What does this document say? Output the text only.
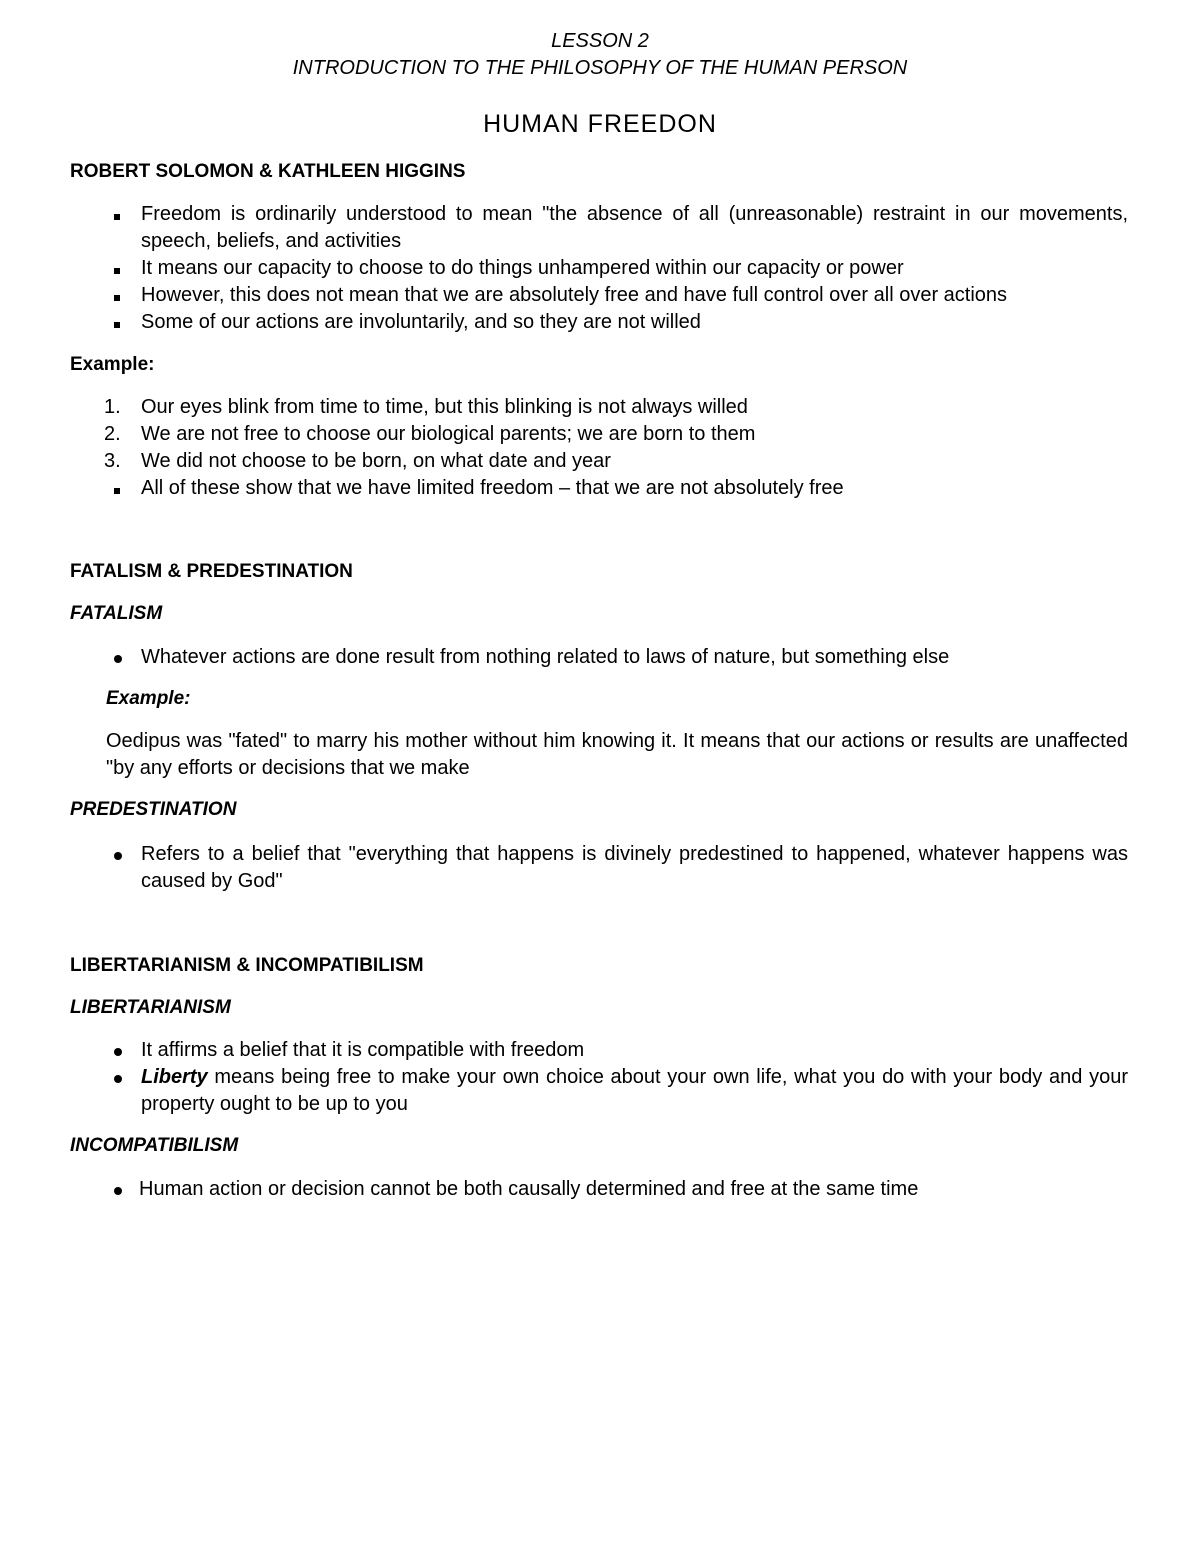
LESSON 2
INTRODUCTION TO THE PHILOSOPHY OF THE HUMAN PERSON
HUMAN FREEDON
ROBERT SOLOMON & KATHLEEN HIGGINS
Freedom is ordinarily understood to mean "the absence of all (unreasonable) restraint in our movements, speech, beliefs, and activities
It means our capacity to choose to do things unhampered within our capacity or power
However, this does not mean that we are absolutely free and have full control over all over actions
Some of our actions are involuntarily, and so they are not willed
Example:
1.	Our eyes blink from time to time, but this blinking is not always willed
2.	We are not free to choose our biological parents; we are born to them
3.	We did not choose to be born, on what date and year
All of these show that we have limited freedom – that we are not absolutely free
FATALISM & PREDESTINATION
FATALISM
Whatever actions are done result from nothing related to laws of nature, but something else
Example:
Oedipus was "fated" to marry his mother without him knowing it. It means that our actions or results are unaffected "by any efforts or decisions that we make
PREDESTINATION
Refers to a belief that "everything that happens is divinely predestined to happened, whatever happens was caused by God"
LIBERTARIANISM & INCOMPATIBILISM
LIBERTARIANISM
It affirms a belief that it is compatible with freedom
Liberty means being free to make your own choice about your own life, what you do with your body and your property ought to be up to you
INCOMPATIBILISM
Human action or decision cannot be both causally determined and free at the same time
